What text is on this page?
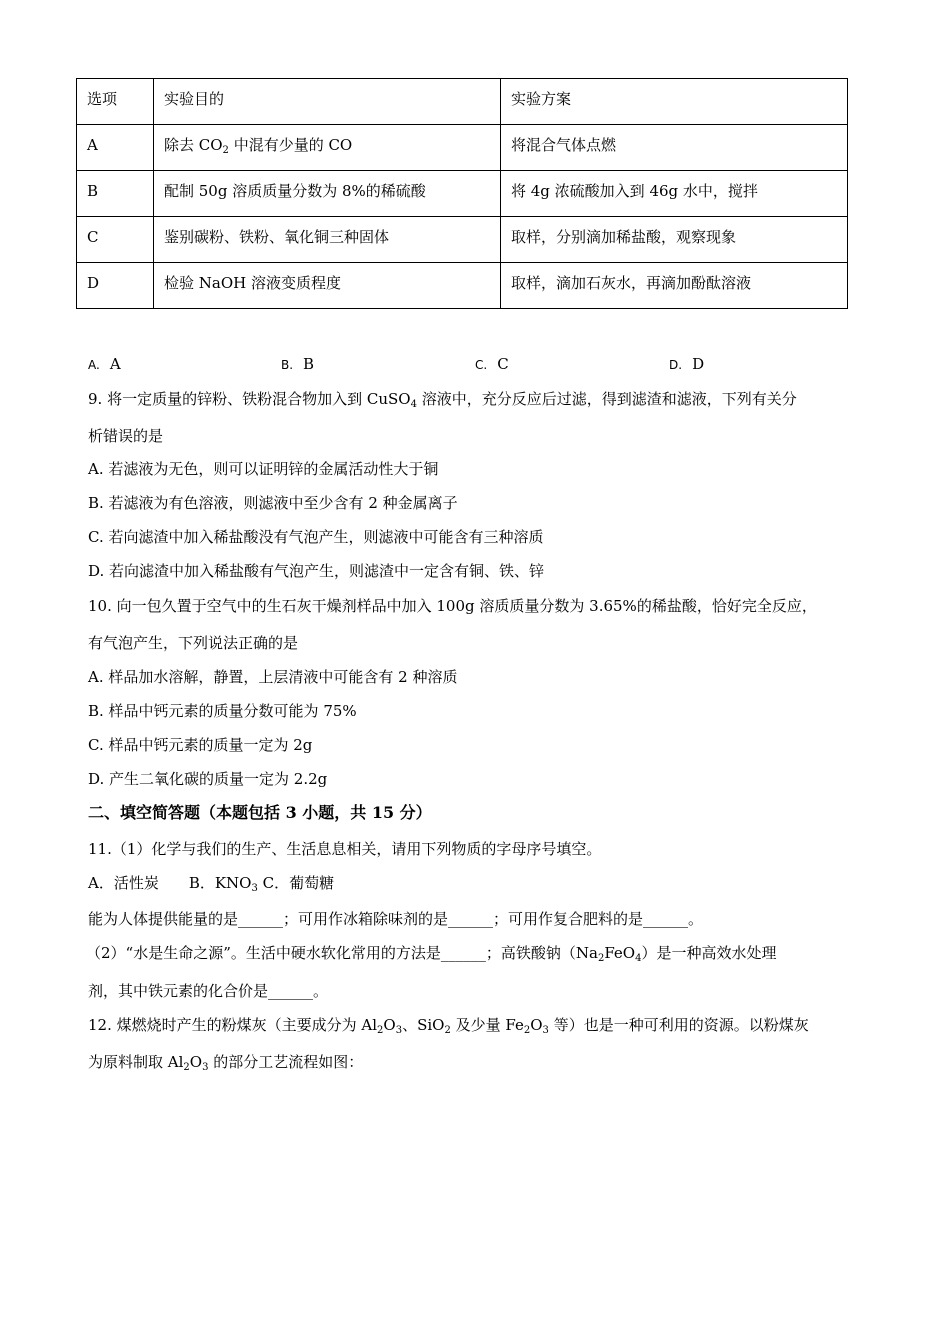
选项	实验目的	实验方案
A	除去 $CO_2$ 中混有少量的 CO	将混合气体点燃
B	配制 50g 溶质质量分数为 8%的稀硫酸	将 4g 浓硫酸加入到 46g 水中，搅拌
C	鉴别碳粉、铁粉、氧化铜三种固体	取样，分别滴加稀盐酸，观察现象
D	检验 NaOH 溶液变质程度	取样，滴加石灰水，再滴加酚酞溶液
A. A	B. B	C. C	D. D
9. 将一定质量的锌粉、铁粉混合物加入到 CuSO$_4$ 溶液中，充分反应后过滤，得到滤渣和滤液，下列有关分
析错误的是
A. 若滤液为无色，则可以证明锌的金属活动性大于铜
B. 若滤液为有色溶液，则滤液中至少含有 2 种金属离子
C. 若向滤渣中加入稀盐酸没有气泡产生，则滤液中可能含有三种溶质
D. 若向滤渣中加入稀盐酸有气泡产生，则滤渣中一定含有铜、铁、锌
10. 向一包久置于空气中的生石灰干燥剂样品中加入 100g 溶质质量分数为 3.65%的稀盐酸，恰好完全反应，
有气泡产生，下列说法正确的是
A. 样品加水溶解，静置，上层清液中可能含有 2 种溶质
B. 样品中钙元素的质量分数可能为 75%
C. 样品中钙元素的质量一定为 2g
D. 产生二氧化碳的质量一定为 2.2g
二、填空简答题（本题包括 3 小题，共 15 分）
11.（1）化学与我们的生产、生活息息相关，请用下列物质的字母序号填空。
A．活性炭　　B．$KNO_3$ C．葡萄糖
能为人体提供能量的是______；可用作冰箱除味剂的是______；可用作复合肥料的是______。
（2）“水是生命之源”。生活中硬水软化常用的方法是______；高铁酸钠$(Na_2FeO_4)$是一种高效水处理
剂，其中铁元素的化合价是______。
12. 煤燃烧时产生的粉煤灰（主要成分为 $Al_2O_3$、SiO$_2$ 及少量 $Fe_2O_3$ 等）也是一种可利用的资源。以粉煤灰
为原料制取 $Al_2O_3$ 的部分工艺流程如图：
